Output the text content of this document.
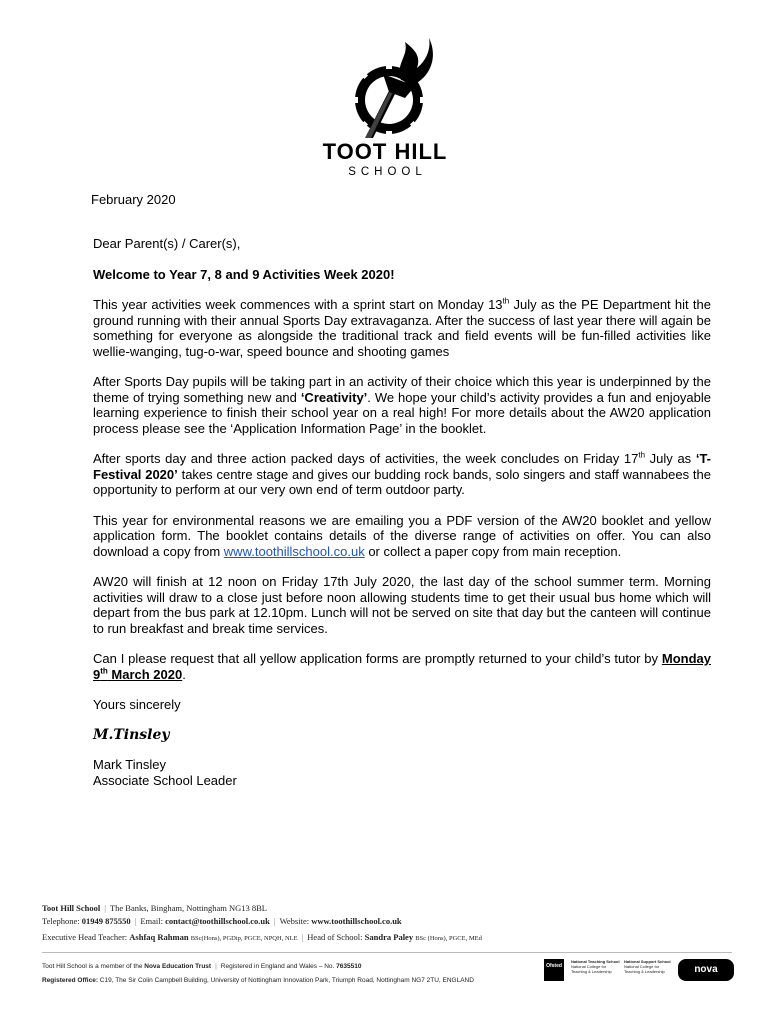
TOOT HILL
SCHOOL
February 2020

Dear Parent(s) / Carer(s),

Welcome to Year 7, 8 and 9 Activities Week 2020!

This year activities week commences with a sprint start on Monday 13th July as the PE Department hit the ground running with their annual Sports Day extravaganza. After the success of last year there will again be something for everyone as alongside the traditional track and field events will be fun-filled activities like wellie-wanging, tug-o-war, speed bounce and shooting games

After Sports Day pupils will be taking part in an activity of their choice which this year is underpinned by the theme of trying something new and ‘Creativity’. We hope your child’s activity provides a fun and enjoyable learning experience to finish their school year on a real high! For more details about the AW20 application process please see the ‘Application Information Page’ in the booklet.

After sports day and three action packed days of activities, the week concludes on Friday 17th July as ‘T-Festival 2020’ takes centre stage and gives our budding rock bands, solo singers and staff wannabees the opportunity to perform at our very own end of term outdoor party.

This year for environmental reasons we are emailing you a PDF version of the AW20 booklet and yellow application form. The booklet contains details of the diverse range of activities on offer. You can also download a copy from www.toothillschool.co.uk or collect a paper copy from main reception.

AW20 will finish at 12 noon on Friday 17th July 2020, the last day of the school summer term. Morning activities will draw to a close just before noon allowing students time to get their usual bus home which will depart from the bus park at 12.10pm. Lunch will not be served on site that day but the canteen will continue to run breakfast and break time services.

Can I please request that all yellow application forms are promptly returned to your child’s tutor by Monday 9th March 2020.

Yours sincerely

M.Tinsley
Mark Tinsley
Associate School Leader
Toot Hill School | The Banks, Bingham, Nottingham NG13 8BL
Telephone: 01949 875550 | Email: contact@toothillschool.co.uk | Website: www.toothillschool.co.uk
Executive Head Teacher: Ashfaq Rahman BSc(Hons), PGDip, PGCE, NPQH, NLE | Head of School: Sandra Paley BSc (Hons), PGCE, MEd
Toot Hill School is a member of the Nova Education Trust | Registered in England and Wales – No. 7635510
Registered Office: C19, The Sir Colin Campbell Building, University of Nottingham Innovation Park, Triumph Road, Nottingham NG7 2TU, ENGLAND
Ofsted
National Teaching School
National College for Teaching & Leadership
National Support School
National College for Teaching & Leadership	nova
